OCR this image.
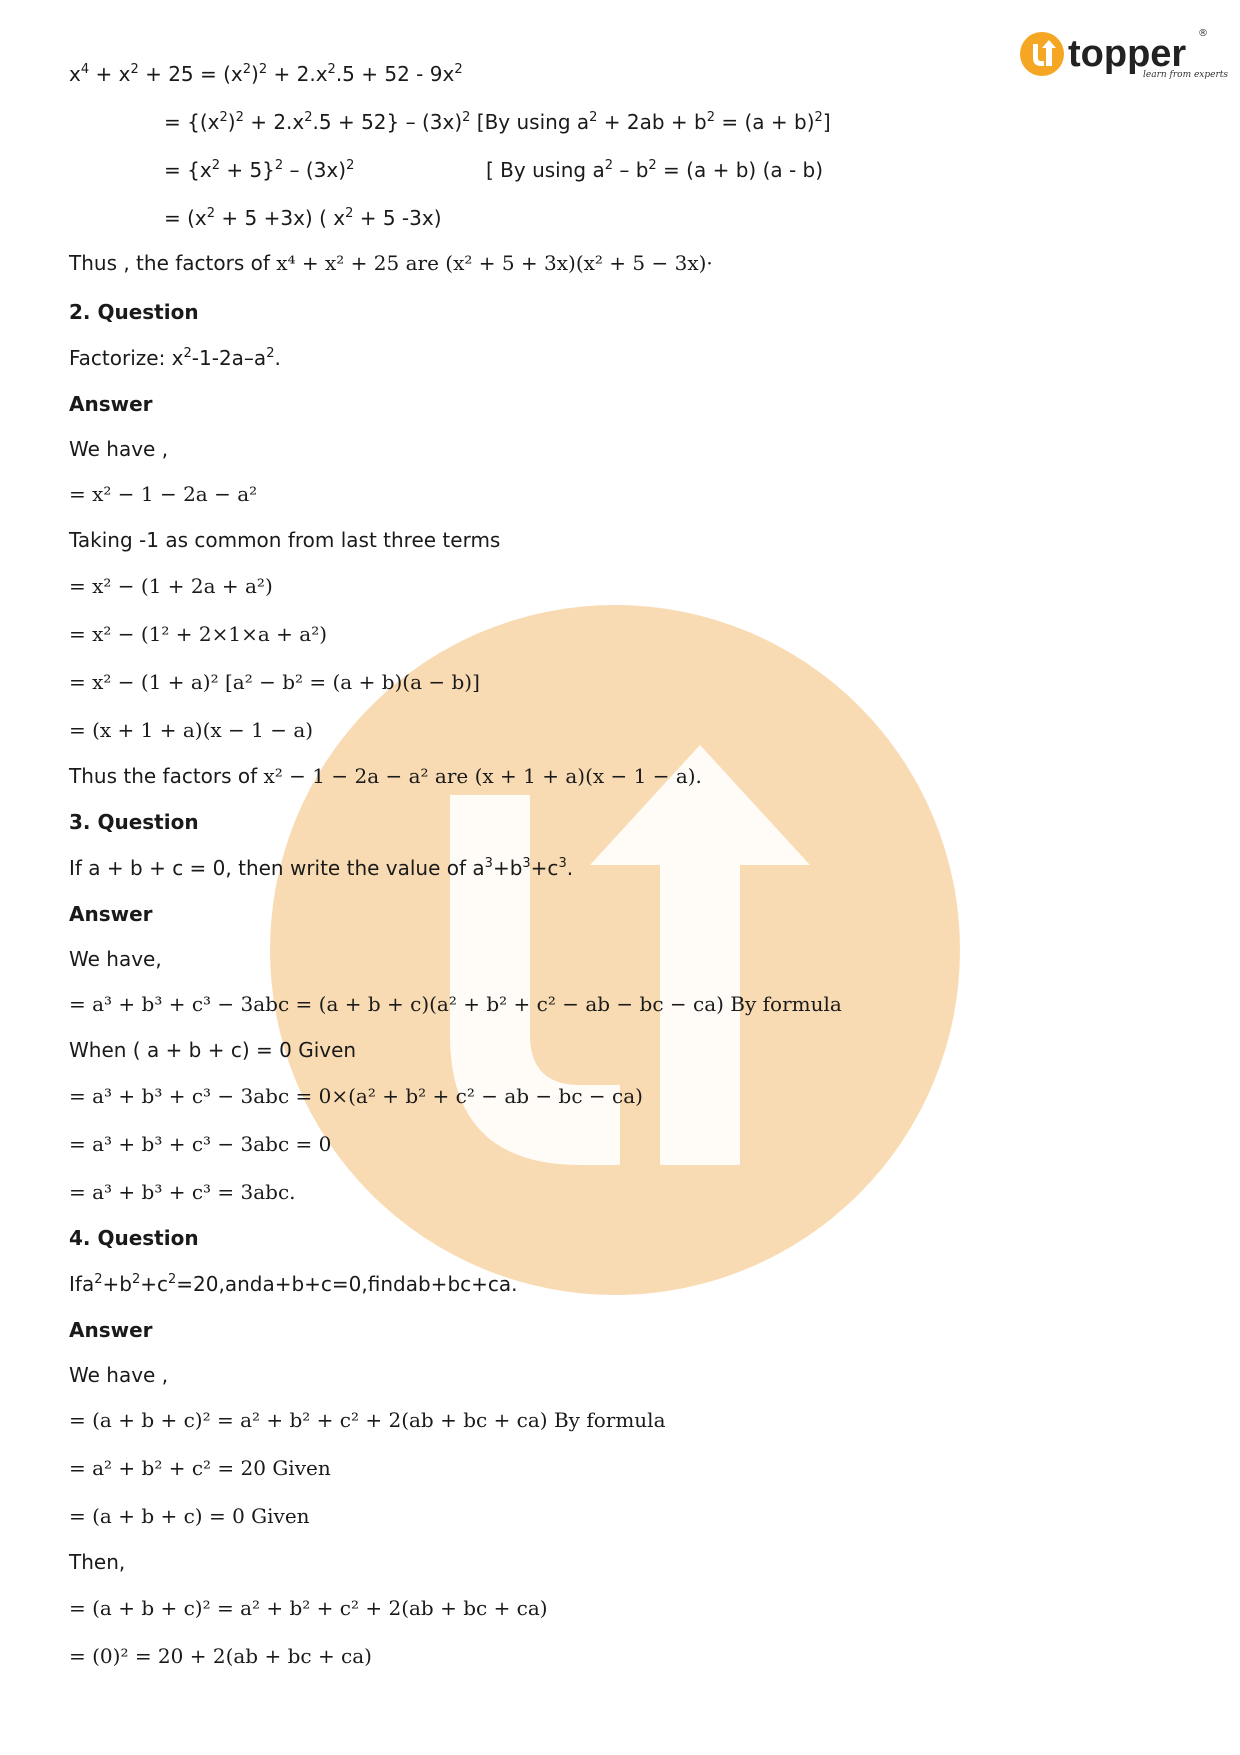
topper
learn from experts
®
$x^4 + x^2 + 25 = (x^2)^2 + 2.x^2.5 + 52 - 9x^2$
= $\{(x^2)^2 + 2.x^2.5 + 52\} - (3x)^2$ [By using $a^2 + 2ab + b^2 = (a + b)^2$]
= $\{x^2 + 5\}^2 - (3x)^2$	[ By using $a^2 - b^2 = (a + b)$ (a - b)
= $(x^2 + 5 +3x)$ ( $x^2 + 5$ -3x)
Thus , the factors of x⁴ + x² + 25 are (x² + 5 + 3x)(x² + 5 − 3x)·
2. Question
Factorize: $x^2-1-2a-a^2$.
Answer
We have ,
= x² − 1 − 2a − a²
Taking -1 as common from last three terms
= x² − (1 + 2a + a²)
= x² − (1² + 2×1×a + a²)
= x² − (1 + a)² [a² − b² = (a + b)(a − b)]
= (x + 1 + a)(x − 1 − a)
Thus the factors of x² − 1 − 2a − a² are (x + 1 + a)(x − 1 − a).
3. Question
If a + b + c = 0, then write the value of $a^3+b^3+c^3$.
Answer
We have,
= a³ + b³ + c³ − 3abc = (a + b + c)(a² + b² + c² − ab − bc − ca) By formula
When ( a + b + c) = 0 Given
= a³ + b³ + c³ − 3abc = 0×(a² + b² + c² − ab − bc − ca)
= a³ + b³ + c³ − 3abc = 0
= a³ + b³ + c³ = 3abc.
4. Question
$Ifa^2+b^2+c^2=20,anda+b+c=0,findab+bc+ca$.
Answer
We have ,
= (a + b + c)² = a² + b² + c² + 2(ab + bc + ca) By formula
= a² + b² + c² = 20 Given
= (a + b + c) = 0 Given
Then,
= (a + b + c)² = a² + b² + c² + 2(ab + bc + ca)
= (0)² = 20 + 2(ab + bc + ca)
